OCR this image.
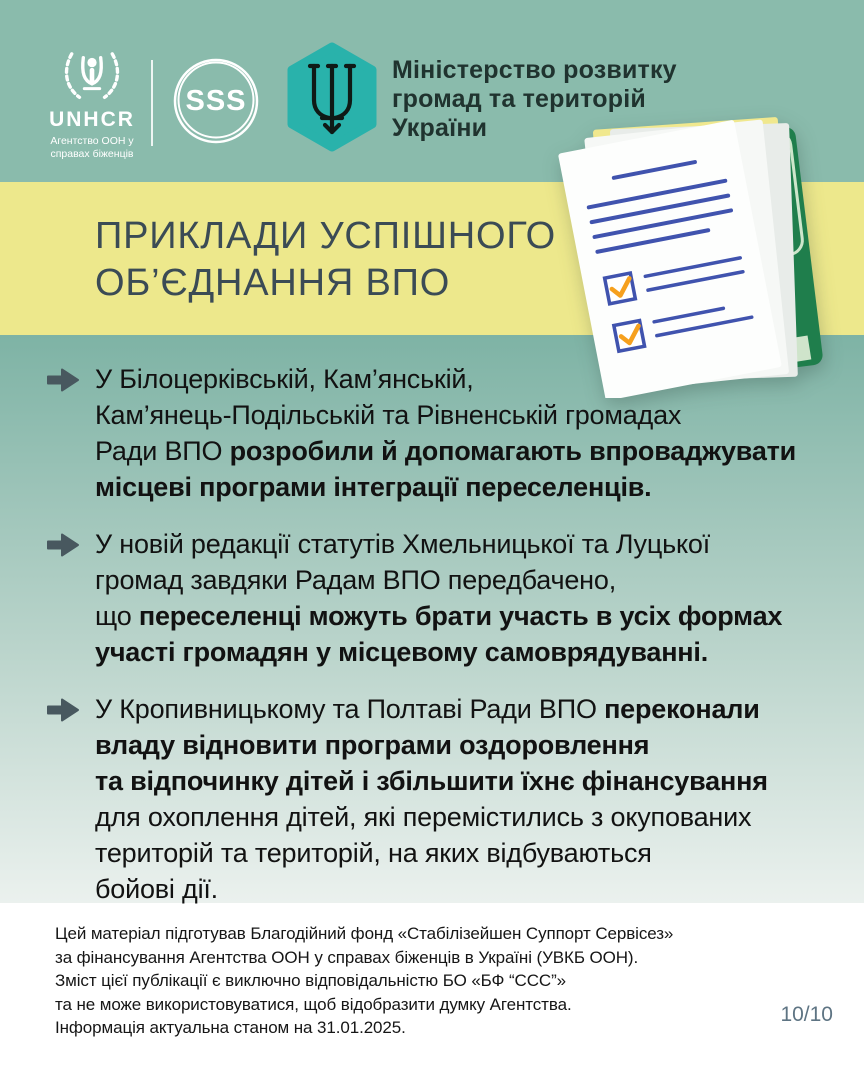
UNHCR
Агентство ООН у
справах біженців
SSS
Міністерство розвитку
громад та територій
України
ПРИКЛАДИ УСПІШНОГО
ОБ’ЄДНАННЯ ВПО
У Білоцерківській, Кам’янській,
Кам’янець-Подільській та Рівненській громадах
Ради ВПО розробили й допомагають впроваджувати
місцеві програми інтеграції переселенців.
У новій редакції статутів Хмельницької та Луцької
громад завдяки Радам ВПО передбачено,
що переселенці можуть брати участь в усіх формах
участі громадян у місцевому самоврядуванні.
У Кропивницькому та Полтаві Ради ВПО переконали
владу відновити програми оздоровлення
та відпочинку дітей і збільшити їхнє фінансування
для охоплення дітей, які перемістились з окупованих
територій та територій, на яких відбуваються
бойові дії.
Цей матеріал підготував Благодійний фонд «Стабілізейшен Суппорт Сервісез»
за фінансування Агентства ООН у справах біженців в Україні (УВКБ ООН).
Зміст цієї публікації є виключно відповідальністю БО «БФ “ССС”»
та не може використовуватися, щоб відобразити думку Агентства.
Інформація актуальна станом на 31.01.2025.
10/10
